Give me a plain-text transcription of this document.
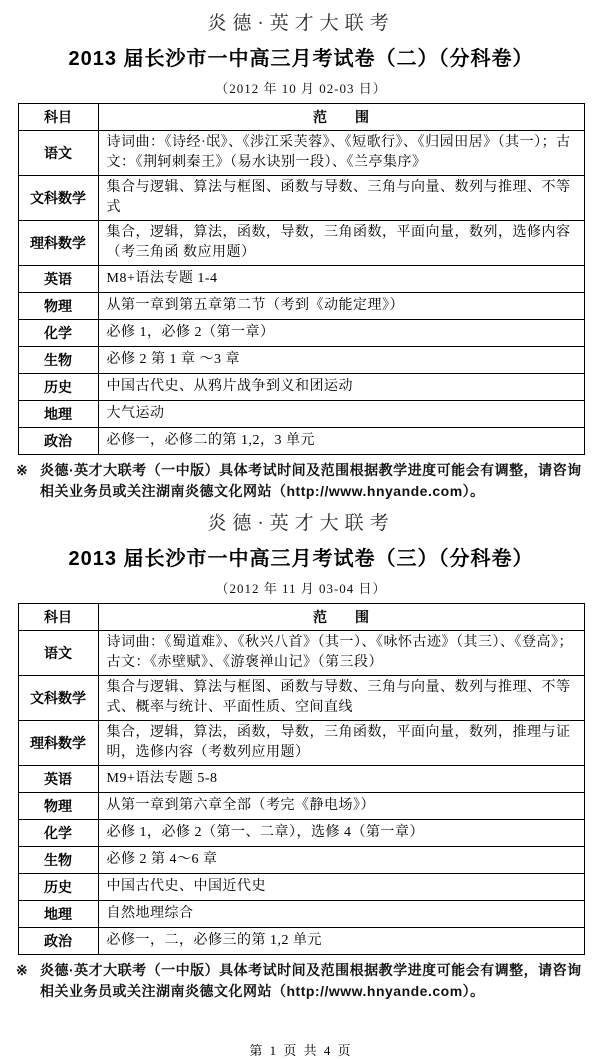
炎德·英才大联考
2013 届长沙市一中高三月考试卷（二）（分科卷）
（2012 年 10 月 02-03 日）
科目	范　　围
语文	诗词曲：《诗经·氓》、《涉江采芙蓉》、《短歌行》、《归园田居》（其一）；古文：《荆轲刺秦王》（易水诀别一段）、《兰亭集序》
文科数学	集合与逻辑、算法与框图、函数与导数、三角与向量、数列与推理、不等式
理科数学	集合，逻辑，算法，函数，导数，三角函数，平面向量，数列，选修内容（考三角函 数应用题）
英语	M8+语法专题 1-4
物理	从第一章到第五章第二节（考到《动能定理》）
化学	必修 1，必修 2（第一章）
生物	必修 2 第 1 章 ～3 章
历史	中国古代史、从鸦片战争到义和团运动
地理	大气运动
政治	必修一，必修二的第 1,2，3 单元
※ 炎德·英才大联考（一中版）具体考试时间及范围根据教学进度可能会有调整，请咨询相关业务员或关注湖南炎德文化网站（http://www.hnyande.com）。
炎德·英才大联考
2013 届长沙市一中高三月考试卷（三）（分科卷）
（2012 年 11 月 03-04 日）
科目	范　　围
语文	诗词曲：《蜀道难》、《秋兴八首》（其一）、《咏怀古迹》（其三）、《登高》；古文：《赤壁赋》、《游褒禅山记》（第三段）
文科数学	集合与逻辑、算法与框图、函数与导数、三角与向量、数列与推理、不等式、概率与统计、平面性质、空间直线
理科数学	集合，逻辑，算法，函数，导数，三角函数，平面向量，数列，推理与证明，选修内容（考数列应用题）
英语	M9+语法专题 5-8
物理	从第一章到第六章全部（考完《静电场》）
化学	必修 1，必修 2（第一、二章），选修 4（第一章）
生物	必修 2 第 4～6 章
历史	中国古代史、中国近代史
地理	自然地理综合
政治	必修一，二，必修三的第 1,2 单元
※ 炎德·英才大联考（一中版）具体考试时间及范围根据教学进度可能会有调整，请咨询相关业务员或关注湖南炎德文化网站（http://www.hnyande.com）。
第 1 页 共 4 页
